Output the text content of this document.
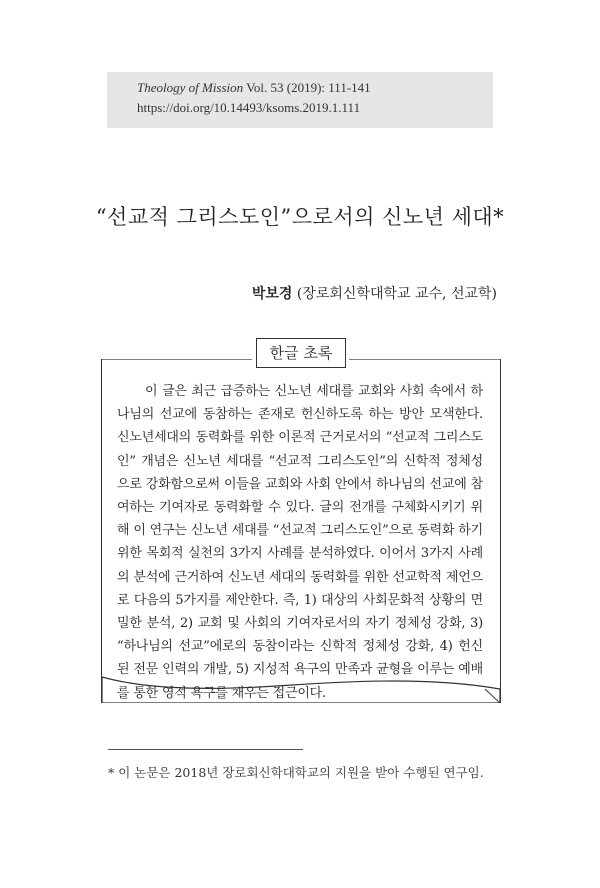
Theology of Mission Vol. 53 (2019): 111-141
https://doi.org/10.14493/ksoms.2019.1.111
“선교적 그리스도인”으로서의 신노년 세대*
박보경 (장로회신학대학교 교수, 선교학)
한글 초록
이 글은 최근 급증하는 신노년 세대를 교회와 사회 속에서 하나님의 선교에 동참하는 존재로 헌신하도록 하는 방안 모색한다. 신노년세대의 동력화를 위한 이론적 근거로서의 “선교적 그리스도인” 개념은 신노년 세대를 “선교적 그리스도인”의 신학적 정체성으로 강화함으로써 이들을 교회와 사회 안에서 하나님의 선교에 참여하는 기여자로 동력화할 수 있다. 글의 전개를 구체화시키기 위해 이 연구는 신노년 세대를 “선교적 그리스도인”으로 동력화 하기 위한 목회적 실천의 3가지 사례를 분석하였다. 이어서 3가지 사례의 분석에 근거하여 신노년 세대의 동력화를 위한 선교학적 제언으로 다음의 5가지를 제안한다. 즉, 1) 대상의 사회문화적 상황의 면밀한 분석, 2) 교회 및 사회의 기여자로서의 자기 정체성 강화, 3) “하나님의 선교”에로의 동참이라는 신학적 정체성 강화, 4) 헌신된 전문 인력의 개발, 5) 지성적 욕구의 만족과 균형을 이루는 예배를 통한 영적 욕구를 채우는 접근이다.
* 이 논문은 2018년 장로회신학대학교의 지원을 받아 수행된 연구임.
